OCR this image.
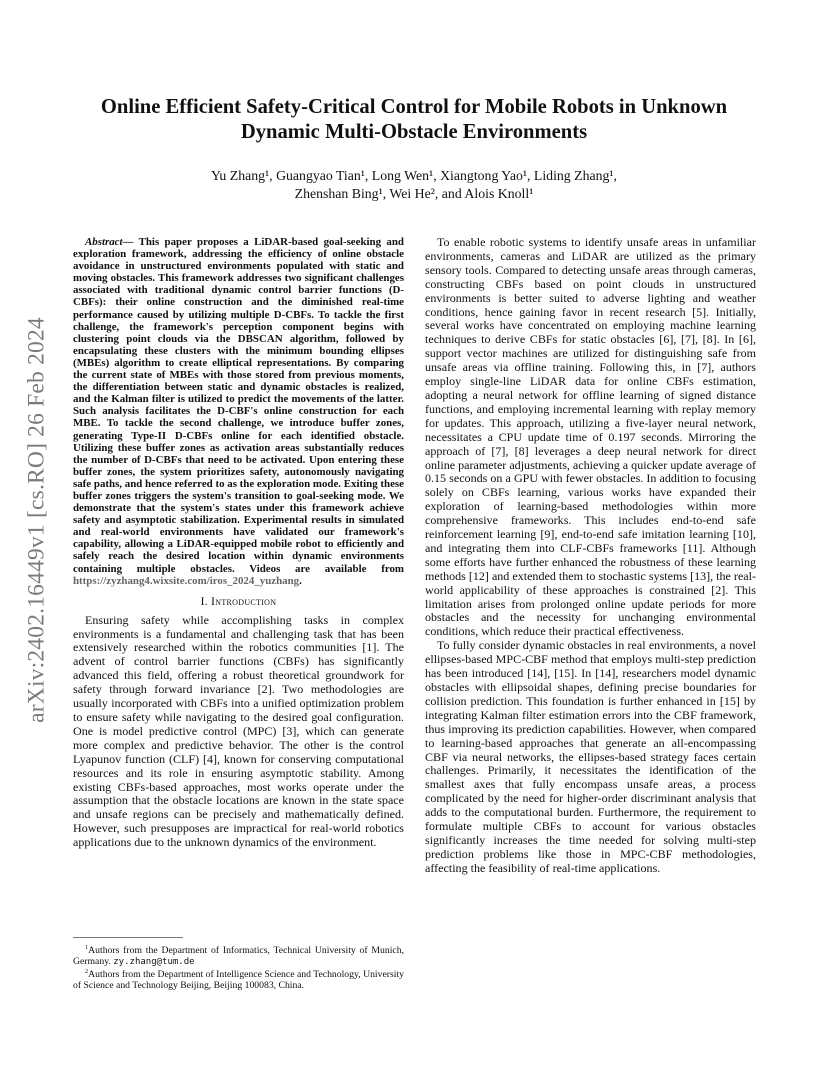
arXiv:2402.16449v1 [cs.RO] 26 Feb 2024
Online Efficient Safety-Critical Control for Mobile Robots in Unknown
Dynamic Multi-Obstacle Environments
Yu Zhang¹, Guangyao Tian¹, Long Wen¹, Xiangtong Yao¹, Liding Zhang¹,
Zhenshan Bing¹, Wei He², and Alois Knoll¹

Abstract— This paper proposes a LiDAR-based goal-seeking and exploration framework, addressing the efficiency of online obstacle avoidance in unstructured environments populated with static and moving obstacles. This framework addresses two significant challenges associated with traditional dynamic control barrier functions (D-CBFs): their online construction and the diminished real-time performance caused by utilizing multiple D-CBFs. To tackle the first challenge, the framework's perception component begins with clustering point clouds via the DBSCAN algorithm, followed by encapsulating these clusters with the minimum bounding ellipses (MBEs) algorithm to create elliptical representations. By comparing the current state of MBEs with those stored from previous moments, the differentiation between static and dynamic obstacles is realized, and the Kalman filter is utilized to predict the movements of the latter. Such analysis facilitates the D-CBF's online construction for each MBE. To tackle the second challenge, we introduce buffer zones, generating Type-II D-CBFs online for each identified obstacle. Utilizing these buffer zones as activation areas substantially reduces the number of D-CBFs that need to be activated. Upon entering these buffer zones, the system prioritizes safety, autonomously navigating safe paths, and hence referred to as the exploration mode. Exiting these buffer zones triggers the system's transition to goal-seeking mode. We demonstrate that the system's states under this framework achieve safety and asymptotic stabilization. Experimental results in simulated and real-world environments have validated our framework's capability, allowing a LiDAR-equipped mobile robot to efficiently and safely reach the desired location within dynamic environments containing multiple obstacles. Videos are available from https://zyzhang4.wixsite.com/iros_2024_yuzhang.

I. Introduction

Ensuring safety while accomplishing tasks in complex environments is a fundamental and challenging task that has been extensively researched within the robotics communities [1]. The advent of control barrier functions (CBFs) has significantly advanced this field, offering a robust theoretical groundwork for safety through forward invariance [2]. Two methodologies are usually incorporated with CBFs into a unified optimization problem to ensure safety while navigating to the desired goal configuration. One is model predictive control (MPC) [3], which can generate more complex and predictive behavior. The other is the control Lyapunov function (CLF) [4], known for conserving computational resources and its role in ensuring asymptotic stability. Among existing CBFs-based approaches, most works operate under the assumption that the obstacle locations are known in the state space and unsafe regions can be precisely and mathematically defined. However, such presupposes are impractical for real-world robotics applications due to the unknown dynamics of the environment.

$^1$Authors from the Department of Informatics, Technical University of Munich, Germany. zy.zhang@tum.de

$^2$Authors from the Department of Intelligence Science and Technology, University of Science and Technology Beijing, Beijing 100083, China.

To enable robotic systems to identify unsafe areas in unfamiliar environments, cameras and LiDAR are utilized as the primary sensory tools. Compared to detecting unsafe areas through cameras, constructing CBFs based on point clouds in unstructured environments is better suited to adverse lighting and weather conditions, hence gaining favor in recent research [5]. Initially, several works have concentrated on employing machine learning techniques to derive CBFs for static obstacles [6], [7], [8]. In [6], support vector machines are utilized for distinguishing safe from unsafe areas via offline training. Following this, in [7], authors employ single-line LiDAR data for online CBFs estimation, adopting a neural network for offline learning of signed distance functions, and employing incremental learning with replay memory for updates. This approach, utilizing a five-layer neural network, necessitates a CPU update time of 0.197 seconds. Mirroring the approach of [7], [8] leverages a deep neural network for direct online parameter adjustments, achieving a quicker update average of 0.15 seconds on a GPU with fewer obstacles. In addition to focusing solely on CBFs learning, various works have expanded their exploration of learning-based methodologies within more comprehensive frameworks. This includes end-to-end safe reinforcement learning [9], end-to-end safe imitation learning [10], and integrating them into CLF-CBFs frameworks [11]. Although some efforts have further enhanced the robustness of these learning methods [12] and extended them to stochastic systems [13], the real-world applicability of these approaches is constrained [2]. This limitation arises from prolonged online update periods for more obstacles and the necessity for unchanging environmental conditions, which reduce their practical effectiveness.

To fully consider dynamic obstacles in real environments, a novel ellipses-based MPC-CBF method that employs multi-step prediction has been introduced [14], [15]. In [14], researchers model dynamic obstacles with ellipsoidal shapes, defining precise boundaries for collision prediction. This foundation is further enhanced in [15] by integrating Kalman filter estimation errors into the CBF framework, thus improving its prediction capabilities. However, when compared to learning-based approaches that generate an all-encompassing CBF via neural networks, the ellipses-based strategy faces certain challenges. Primarily, it necessitates the identification of the smallest axes that fully encompass unsafe areas, a process complicated by the need for higher-order discriminant analysis that adds to the computational burden. Furthermore, the requirement to formulate multiple CBFs to account for various obstacles significantly increases the time needed for solving multi-step prediction problems like those in MPC-CBF methodologies, affecting the feasibility of real-time applications.
